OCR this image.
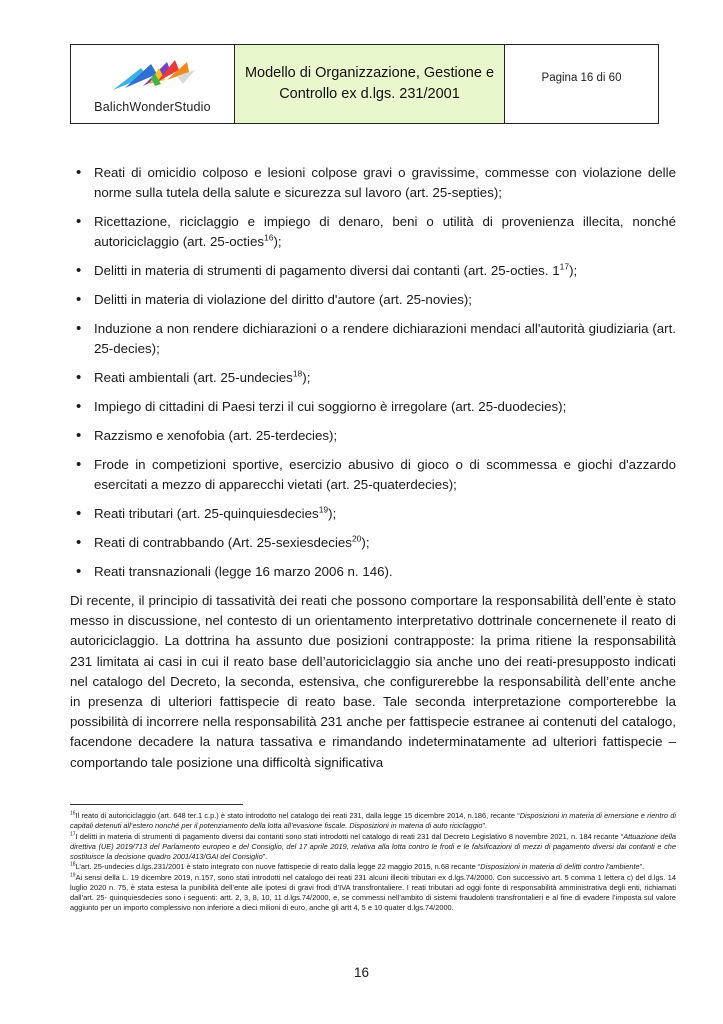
BalichWonderStudio
Modello di Organizzazione, Gestione e Controllo ex d.lgs. 231/2001
Pagina 16 di 60
• Reati di omicidio colposo e lesioni colpose gravi o gravissime, commesse con violazione delle norme sulla tutela della salute e sicurezza sul lavoro (art. 25-septies);
• Ricettazione, riciclaggio e impiego di denaro, beni o utilità di provenienza illecita, nonché autoriciclaggio (art. 25-octies$^{16}$);
• Delitti in materia di strumenti di pagamento diversi dai contanti (art. 25-octies. $1^{17}$);
• Delitti in materia di violazione del diritto d'autore (art. 25-novies);
• Induzione a non rendere dichiarazioni o a rendere dichiarazioni mendaci all'autorità giudiziaria (art. 25-decies);
• Reati ambientali (art. 25-undecies$^{18}$);
• Impiego di cittadini di Paesi terzi il cui soggiorno è irregolare (art. 25-duodecies);
• Razzismo e xenofobia (art. 25-terdecies);
• Frode in competizioni sportive, esercizio abusivo di gioco o di scommessa e giochi d'azzardo esercitati a mezzo di apparecchi vietati (art. 25-quaterdecies);
• Reati tributari (art. 25-quinquiesdecies$^{19}$);
• Reati di contrabbando (Art. 25-sexiesdecies$^{20}$);
• Reati transnazionali (legge 16 marzo 2006 n. 146).

Di recente, il principio di tassatività dei reati che possono comportare la responsabilità dell’ente è stato messo in discussione, nel contesto di un orientamento interpretativo dottrinale concernenete il reato di autoriciclaggio. La dottrina ha assunto due posizioni contrapposte: la prima ritiene la responsabilità 231 limitata ai casi in cui il reato base dell’autoriciclaggio sia anche uno dei reati-presupposto indicati nel catalogo del Decreto, la seconda, estensiva, che configurerebbe la responsabilità dell’ente anche in presenza di ulteriori fattispecie di reato base. Tale seconda interpretazione comporterebbe la possibilità di incorrere nella responsabilità 231 anche per fattispecie estranee ai contenuti del catalogo, facendone decadere la natura tassativa e rimandando indeterminatamente ad ulteriori fattispecie – comportando tale posizione una difficoltà significativa

$^{16}$Il reato di autoriciclaggio (art. 648 ter.1 c.p.) è stato introdotto nel catalogo dei reati 231, dalla legge 15 dicembre 2014, n.186, recante “Disposizioni in materia di emersione e rientro di capitali detenuti all’estero nonché per il potenziamento della lotta all’evasione fiscale. Disposizioni in materia di auto riciclaggio”.

$^{17}$I delitti in materia di strumenti di pagamento diversi dai contanti sono stati introdotti nel catalogo di reati 231 dal Decreto Legislativo 8 novembre 2021, n. 184 recante “Attuazione della direttiva (UE) 2019/713 del Parlamento europeo e del Consiglio, del 17 aprile 2019, relativa alla lotta contro le frodi e le falsificazioni di mezzi di pagamento diversi dai contanti e che sostituisce la decisione quadro 2001/413/GAI del Consiglio”.

$^{18}$L’art. 25-undecies d.lgs.231/2001 è stato integrato con nuove fattispecie di reato dalla legge 22 maggio 2015, n.68 recante “Disposizioni in materia di delitti contro l’ambiente”.

$^{19}$Ai sensi della L. 19 dicembre 2019, n.157, sono stati introdotti nel catalogo dei reati 231 alcuni illeciti tributari ex d.lgs.74/2000. Con successivo art. 5 comma 1 lettera c) del d.lgs. 14 luglio 2020 n. 75, è stata estesa la punibilità dell’ente alle ipotesi di gravi frodi d’IVA transfrontaliere. I reati tributari ad oggi fonte di responsabilità amministrativa degli enti, richiamati dall’art. 25- quinquiesdecies sono i seguenti: artt. 2, 3, 8, 10, 11 d.lgs.74/2000, e, se commessi nell’ambito di sistemi fraudolenti transfrontalieri e al fine di evadere l’imposta sul valore aggiunto per un importo complessivo non inferiore a dieci milioni di euro, anche gli artt 4, 5 e 10 quater d.lgs.74/2000.

16
